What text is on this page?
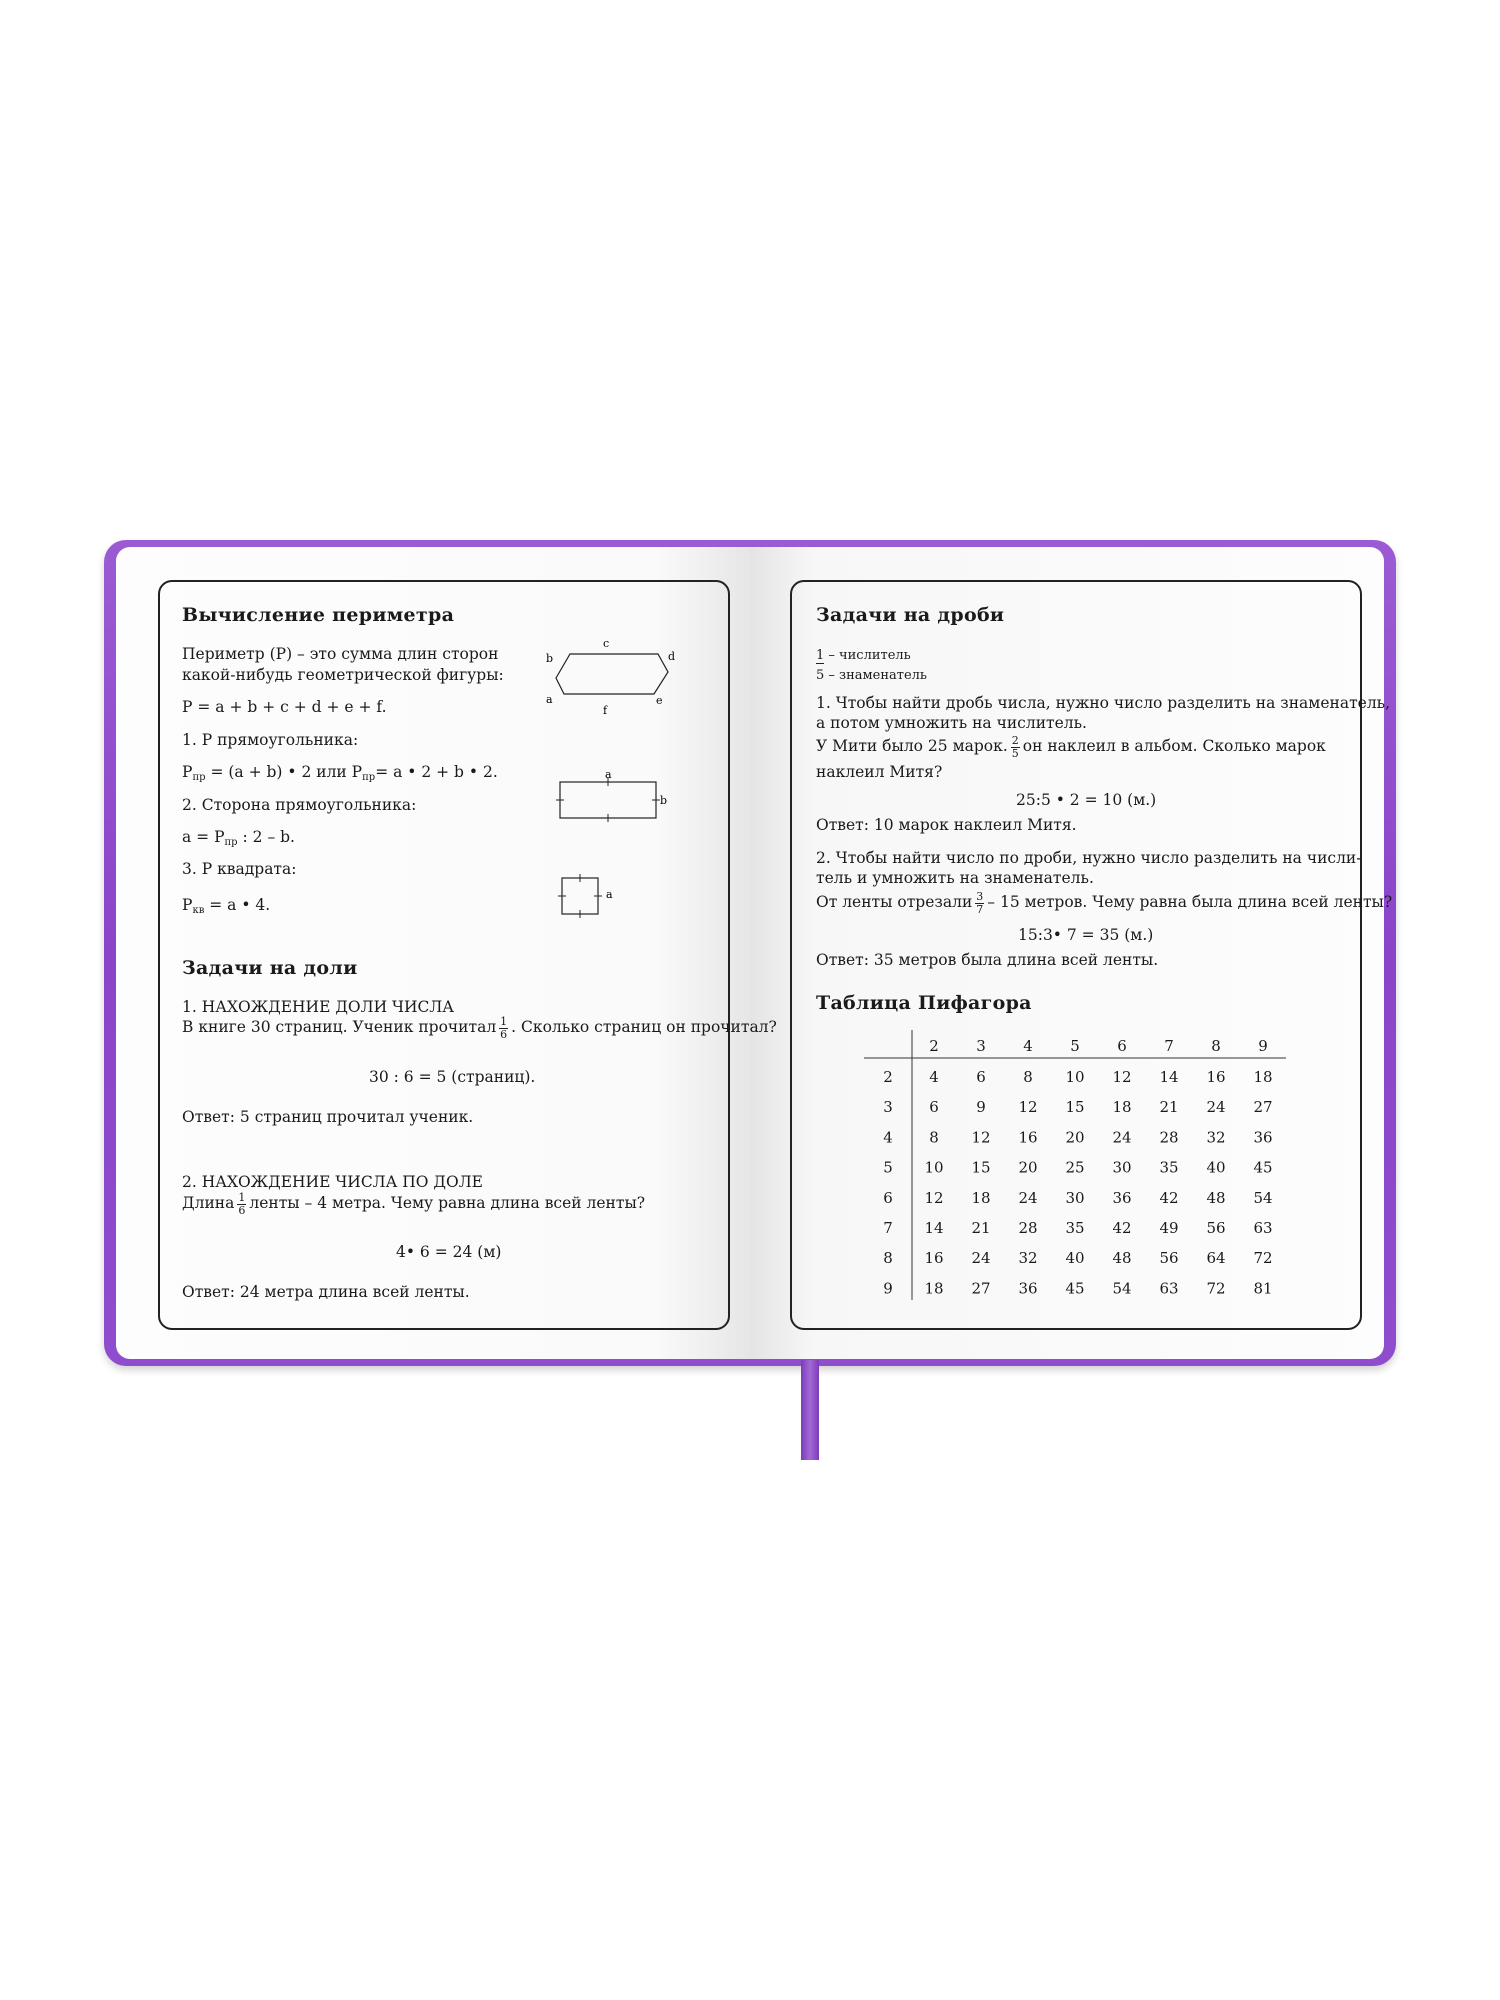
Вычисление периметра
Периметр (Р) – это сумма длин сторон
какой-нибудь геометрической фигуры:
Р = a + b + c + d + e + f.
1. Р прямоугольника:
$Р_{пр} = (a + b)$ • 2 или $Р_{пр}= a$ • 2 + b • 2.
2. Сторона прямоугольника:
$a = Р_{пр}$ : 2 – b.
3. Р квадрата:
$Р_{кв} = a$ • 4.
a
b
c
d
e
f
a
b
a
Задачи на доли
1. НАХОЖДЕНИЕ ДОЛИ ЧИСЛА
В книге 30 страниц. Ученик прочитал $\frac{1}{6}$ . Сколько страниц он прочитал?
30 : 6 = 5 (страниц).
Ответ: 5 страниц прочитал ученик.
2. НАХОЖДЕНИЕ ЧИСЛА ПО ДОЛЕ
Длина $\frac{1}{6}$ ленты – 4 метра. Чему равна длина всей ленты?
4• 6 = 24 (м)
Ответ: 24 метра длина всей ленты.
Задачи на дроби
1 – числитель
5 – знаменатель
1. Чтобы найти дробь числа, нужно число разделить на знаменатель,
а потом умножить на числитель.
У Мити было 25 марок. $\frac{2}{5}$ он наклеил в альбом. Сколько марок
наклеил Митя?
25:5 • 2 = 10 (м.)
Ответ: 10 марок наклеил Митя.
2. Чтобы найти число по дроби, нужно число разделить на числи-
тель и умножить на знаменатель.
От ленты отрезали $\frac{3}{7} - 15$ метров. Чему равна была длина всей ленты?
15:3• 7 = 35 (м.)
Ответ: 35 метров была длина всей ленты.
Таблица Пифагора
2 3 4 5 6 7 8 9
2 4 6 8 10 12 14 16 18
3 6 9 12 15 18 21 24 27
4 8 12 16 20 24 28 32 36
5 10 15 20 25 30 35 40 45
6 12 18 24 30 36 42 48 54
7 14 21 28 35 42 49 56 63
8 16 24 32 40 48 56 64 72
9 18 27 36 45 54 63 72 81
